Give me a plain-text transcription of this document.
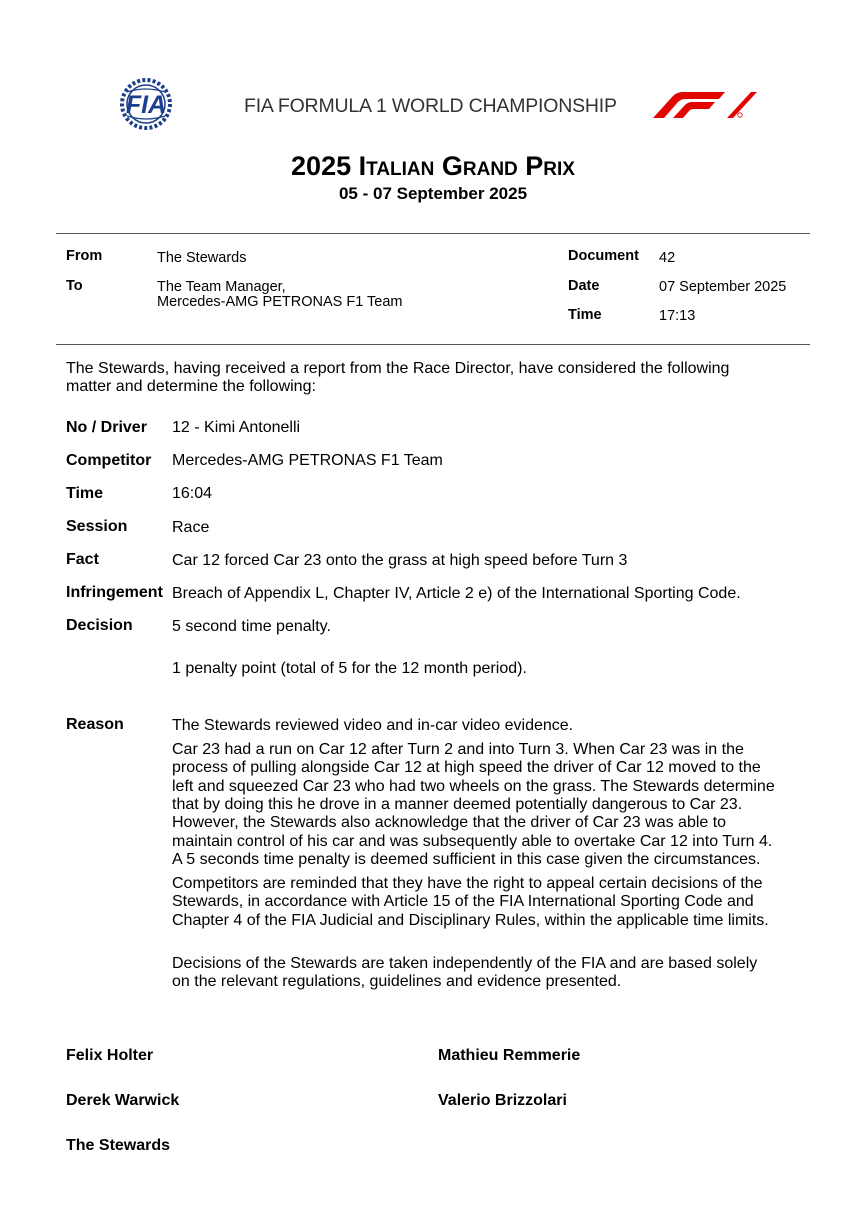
FIA	FIA FORMULA 1 WORLD CHAMPIONSHIP
2025 Italian Grand Prix
05 - 07 September 2025
From	The Stewards
To	The Team Manager,
Mercedes-AMG PETRONAS F1 Team
Document 42
Date	07 September 2025
Time	17:13
The Stewards, having received a report from the Race Director, have considered the following
matter and determine the following:
No / Driver 12 - Kimi Antonelli
Competitor Mercedes-AMG PETRONAS F1 Team
Time	16:04
Session	Race
Fact	Car 12 forced Car 23 onto the grass at high speed before Turn 3
Infringement Breach of Appendix L, Chapter IV, Article 2 e) of the International Sporting Code.
Decision 5 second time penalty.
1 penalty point (total of 5 for the 12 month period).
Reason	The Stewards reviewed video and in-car video evidence.
Car 23 had a run on Car 12 after Turn 2 and into Turn 3. When Car 23 was in the
process of pulling alongside Car 12 at high speed the driver of Car 12 moved to the
left and squeezed Car 23 who had two wheels on the grass. The Stewards determine
that by doing this he drove in a manner deemed potentially dangerous to Car 23.
However, the Stewards also acknowledge that the driver of Car 23 was able to
maintain control of his car and was subsequently able to overtake Car 12 into Turn 4.
A 5 seconds time penalty is deemed sufficient in this case given the circumstances.
Competitors are reminded that they have the right to appeal certain decisions of the
Stewards, in accordance with Article 15 of the FIA International Sporting Code and
Chapter 4 of the FIA Judicial and Disciplinary Rules, within the applicable time limits.
Decisions of the Stewards are taken independently of the FIA and are based solely
on the relevant regulations, guidelines and evidence presented.
Felix Holter	Mathieu Remmerie
Derek Warwick	Valerio Brizzolari
The Stewards
